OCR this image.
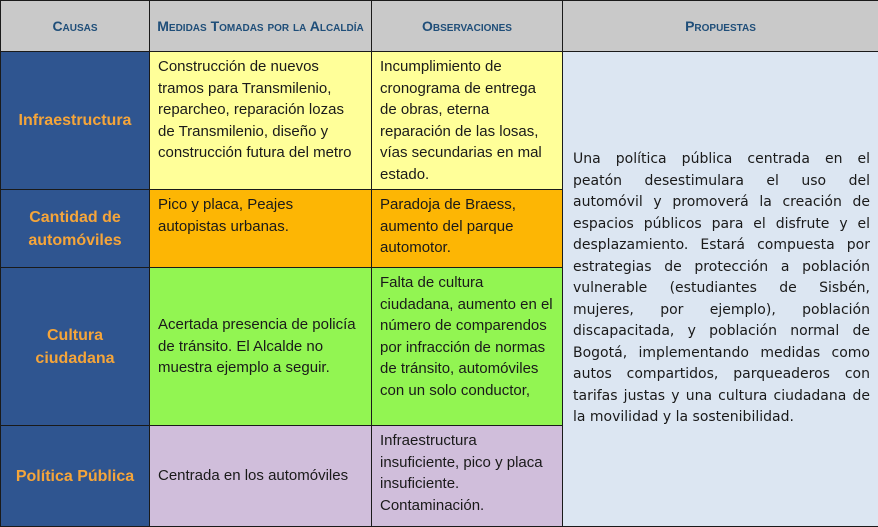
Causas	Medidas Tomadas por la Alcaldía	Observaciones	Propuestas

Infraestructura	Construcción de nuevos tramos para Transmilenio, reparcheo, reparación lozas de Transmilenio, diseño y construcción futura del metro	Incumplimiento de cronograma de entrega de obras, eterna reparación de las losas, vías secundarias en mal estado.	Una política pública centrada en el peatón desestimulara el uso del automóvil y promoverá la creación de espacios públicos para el disfrute y el desplazamiento. Estará compuesta por estrategias de protección a población vulnerable (estudiantes de Sisbén, mujeres, por ejemplo), población discapacitada, y población normal de Bogotá, implementando medidas como autos compartidos, parqueaderos con tarifas justas y una cultura ciudadana de la movilidad y la sostenibilidad.

Cantidad de automóviles	Pico y placa, Peajes autopistas urbanas.	Paradoja de Braess, aumento del parque automotor.	

Cultura ciudadana	Acertada presencia de policía de tránsito. El Alcalde no muestra ejemplo a seguir.	Falta de cultura ciudadana, aumento en el número de comparendos por infracción de normas de tránsito, automóviles con un solo conductor,	

Política Pública	Centrada en los automóviles	Infraestructura insuficiente, pico y placa insuficiente. Contaminación.	
